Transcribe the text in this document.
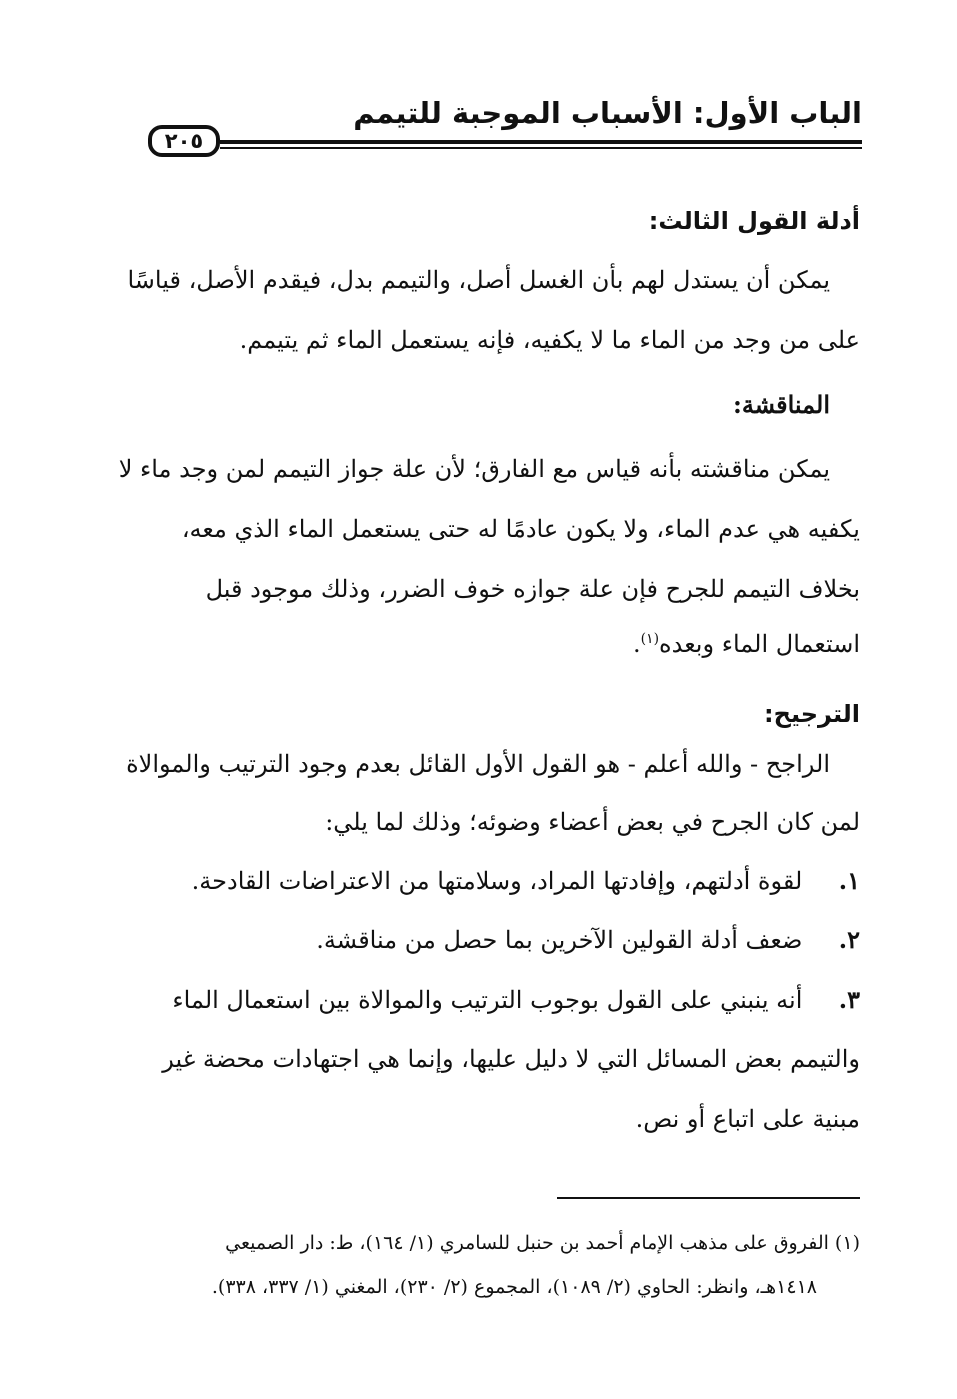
الباب الأول: الأسباب الموجبة للتيمم
٢٠٥
أدلة القول الثالث:
يمكن أن يستدل لهم بأن الغسل أصل، والتيمم بدل، فيقدم الأصل، قياسًا
على من وجد من الماء ما لا يكفيه، فإنه يستعمل الماء ثم يتيمم.
المناقشة:
يمكن مناقشته بأنه قياس مع الفارق؛ لأن علة جواز التيمم لمن وجد ماء لا
يكفيه هي عدم الماء، ولا يكون عادمًا له حتى يستعمل الماء الذي معه،
بخلاف التيمم للجرح فإن علة جوازه خوف الضرر، وذلك موجود قبل
استعمال الماء وبعده$^{(١)}$.
الترجيح:
الراجح - والله أعلم - هو القول الأول القائل بعدم وجود الترتيب والموالاة
لمن كان الجرح في بعض أعضاء وضوئه؛ وذلك لما يلي:
١. لقوة أدلتهم، وإفادتها المراد، وسلامتها من الاعتراضات القادحة.
٢. ضعف أدلة القولين الآخرين بما حصل من مناقشة.
٣. أنه ينبني على القول بوجوب الترتيب والموالاة بين استعمال الماء
والتيمم بعض المسائل التي لا دليل عليها، وإنما هي اجتهادات محضة غير
مبنية على اتباع أو نص.
(١) الفروق على مذهب الإمام أحمد بن حنبل للسامري (١/ ١٦٤)، ط: دار الصميعي
١٤١٨هـ، وانظر: الحاوي (٢/ ١٠٨٩)، المجموع (٢/ ٢٣٠)، المغني (١/ ٣٣٧، ٣٣٨).
